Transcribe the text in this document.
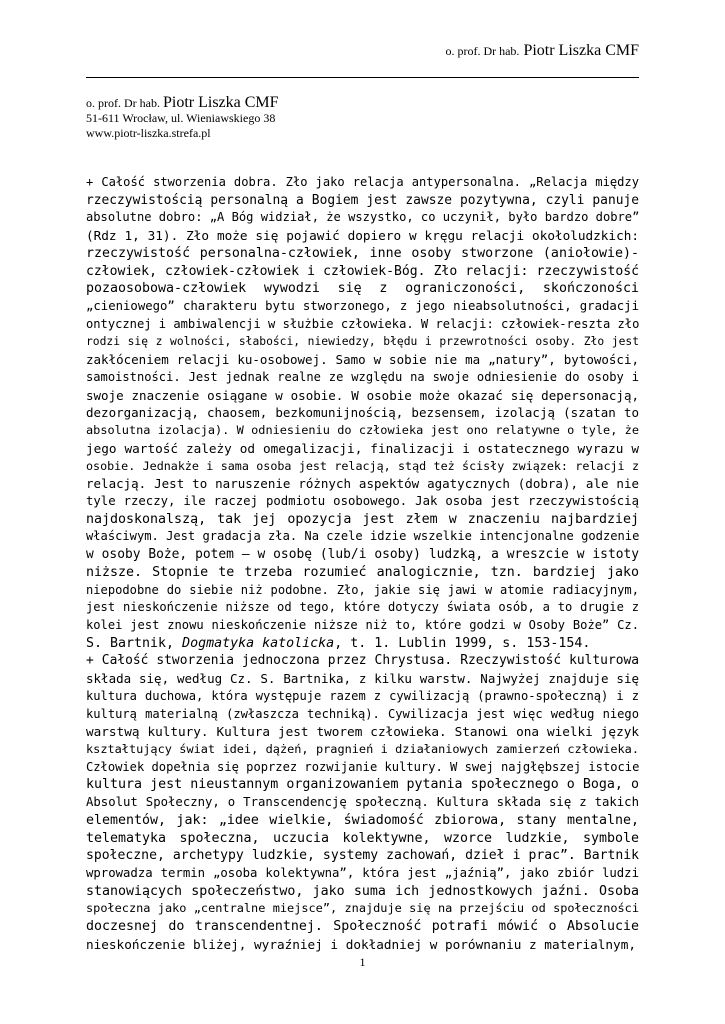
o. prof. Dr hab. Piotr Liszka CMF
o. prof. Dr hab. Piotr Liszka CMF
51-611 Wrocław, ul. Wieniawskiego 38
www.piotr-liszka.strefa.pl
+ Całość stworzenia dobra. Zło jako relacja antypersonalna. „Relacja między
rzeczywistością personalną a Bogiem jest zawsze pozytywna, czyli panuje
absolutne dobro: „A Bóg widział, że wszystko, co uczynił, było bardzo dobre”
(Rdz 1, 31). Zło może się pojawić dopiero w kręgu relacji okołoludzkich:
rzeczywistość personalna-człowiek, inne osoby stworzone (aniołowie)-
człowiek, człowiek-człowiek i człowiek-Bóg. Zło relacji: rzeczywistość
pozaosobowa-człowiek wywodzi się z ograniczoności, skończoności
„cieniowego” charakteru bytu stworzonego, z jego nieabsolutności, gradacji
ontycznej i ambiwalencji w służbie człowieka. W relacji: człowiek-reszta zło
rodzi się z wolności, słabości, niewiedzy, błędu i przewrotności osoby. Zło jest
zakłóceniem relacji ku-osobowej. Samo w sobie nie ma „natury”, bytowości,
samoistności. Jest jednak realne ze względu na swoje odniesienie do osoby i
swoje znaczenie osiągane w osobie. W osobie może okazać się depersonacją,
dezorganizacją, chaosem, bezkomunijnością, bezsensem, izolacją (szatan to
absolutna izolacja). W odniesieniu do człowieka jest ono relatywne o tyle, że
jego wartość zależy od omegalizacji, finalizacji i ostatecznego wyrazu w
osobie. Jednakże i sama osoba jest relacją, stąd też ścisły związek: relacji z
relacją. Jest to naruszenie różnych aspektów agatycznych (dobra), ale nie
tyle rzeczy, ile raczej podmiotu osobowego. Jak osoba jest rzeczywistością
najdoskonalszą, tak jej opozycja jest złem w znaczeniu najbardziej
właściwym. Jest gradacja zła. Na czele idzie wszelkie intencjonalne godzenie
w osoby Boże, potem – w osobę (lub/i osoby) ludzką, a wreszcie w istoty
niższe. Stopnie te trzeba rozumieć analogicznie, tzn. bardziej jako
niepodobne do siebie niż podobne. Zło, jakie się jawi w atomie radiacyjnym,
jest nieskończenie niższe od tego, które dotyczy świata osób, a to drugie z
kolei jest znowu nieskończenie niższe niż to, które godzi w Osoby Boże” Cz.
S. Bartnik, Dogmatyka katolicka, t. 1. Lublin 1999, s. 153-154.
+ Całość stworzenia jednoczona przez Chrystusa. Rzeczywistość kulturowa
składa się, według Cz. S. Bartnika, z kilku warstw. Najwyżej znajduje się
kultura duchowa, która występuje razem z cywilizacją (prawno-społeczną) i z
kulturą materialną (zwłaszcza techniką). Cywilizacja jest więc według niego
warstwą kultury. Kultura jest tworem człowieka. Stanowi ona wielki język
kształtujący świat idei, dążeń, pragnień i działaniowych zamierzeń człowieka.
Człowiek dopełnia się poprzez rozwijanie kultury. W swej najgłębszej istocie
kultura jest nieustannym organizowaniem pytania społecznego o Boga, o
Absolut Społeczny, o Transcendencję społeczną. Kultura składa się z takich
elementów, jak: „idee wielkie, świadomość zbiorowa, stany mentalne,
telematyka społeczna, uczucia kolektywne, wzorce ludzkie, symbole
społeczne, archetypy ludzkie, systemy zachowań, dzieł i prac”. Bartnik
wprowadza termin „osoba kolektywna”, która jest „jaźnią”, jako zbiór ludzi
stanowiących społeczeństwo, jako suma ich jednostkowych jaźni. Osoba
społeczna jako „centralne miejsce”, znajduje się na przejściu od społeczności
doczesnej do transcendentnej. Społeczność potrafi mówić o Absolucie
nieskończenie bliżej, wyraźniej i dokładniej w porównaniu z materialnym,
1
